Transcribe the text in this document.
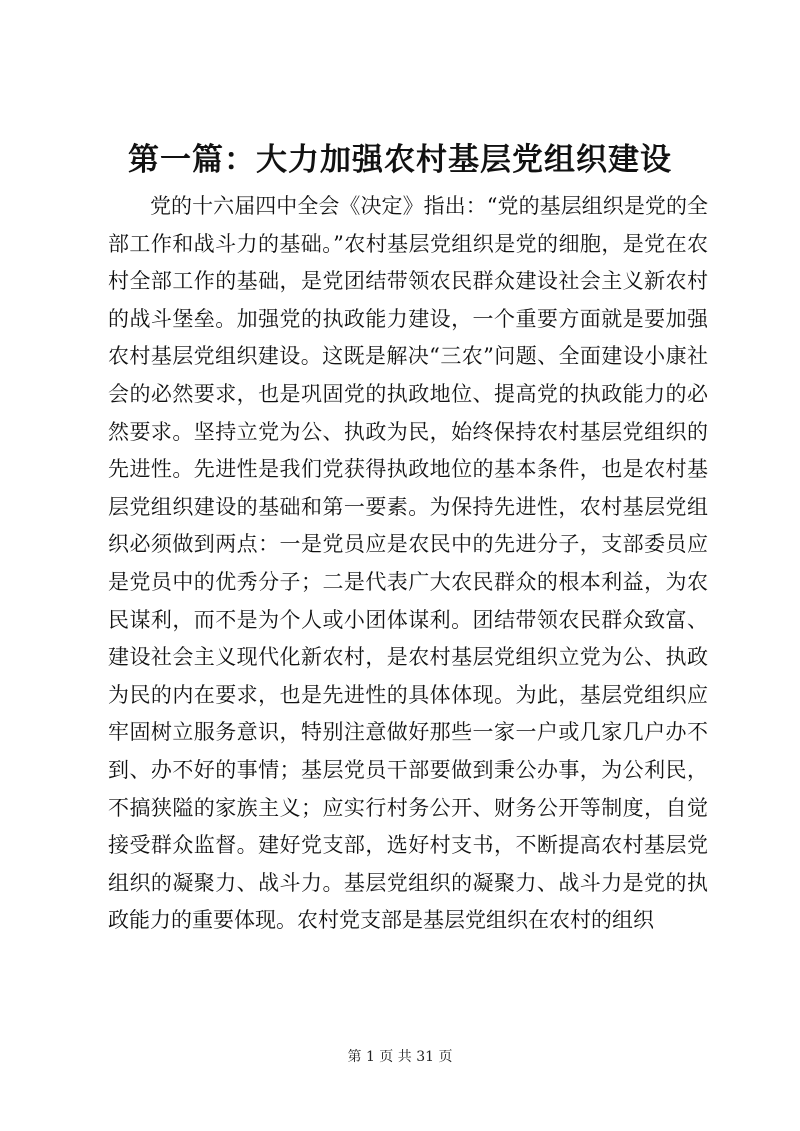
第一篇：大力加强农村基层党组织建设

党的十六届四中全会《决定》指出：“党的基层组织是党的全部工作和战斗力的基础。”农村基层党组织是党的细胞，是党在农村全部工作的基础，是党团结带领农民群众建设社会主义新农村的战斗堡垒。加强党的执政能力建设，一个重要方面就是要加强农村基层党组织建设。这既是解决“三农”问题、全面建设小康社会的必然要求，也是巩固党的执政地位、提高党的执政能力的必然要求。坚持立党为公、执政为民，始终保持农村基层党组织的先进性。先进性是我们党获得执政地位的基本条件，也是农村基层党组织建设的基础和第一要素。为保持先进性，农村基层党组织必须做到两点：一是党员应是农民中的先进分子，支部委员应是党员中的优秀分子；二是代表广大农民群众的根本利益，为农民谋利，而不是为个人或小团体谋利。团结带领农民群众致富、建设社会主义现代化新农村，是农村基层党组织立党为公、执政为民的内在要求，也是先进性的具体体现。为此，基层党组织应牢固树立服务意识，特别注意做好那些一家一户或几家几户办不到、办不好的事情；基层党员干部要做到秉公办事，为公利民，不搞狭隘的家族主义；应实行村务公开、财务公开等制度，自觉接受群众监督。建好党支部，选好村支书，不断提高农村基层党组织的凝聚力、战斗力。基层党组织的凝聚力、战斗力是党的执政能力的重要体现。农村党支部是基层党组织在农村的组织

第 1 页 共 31 页
